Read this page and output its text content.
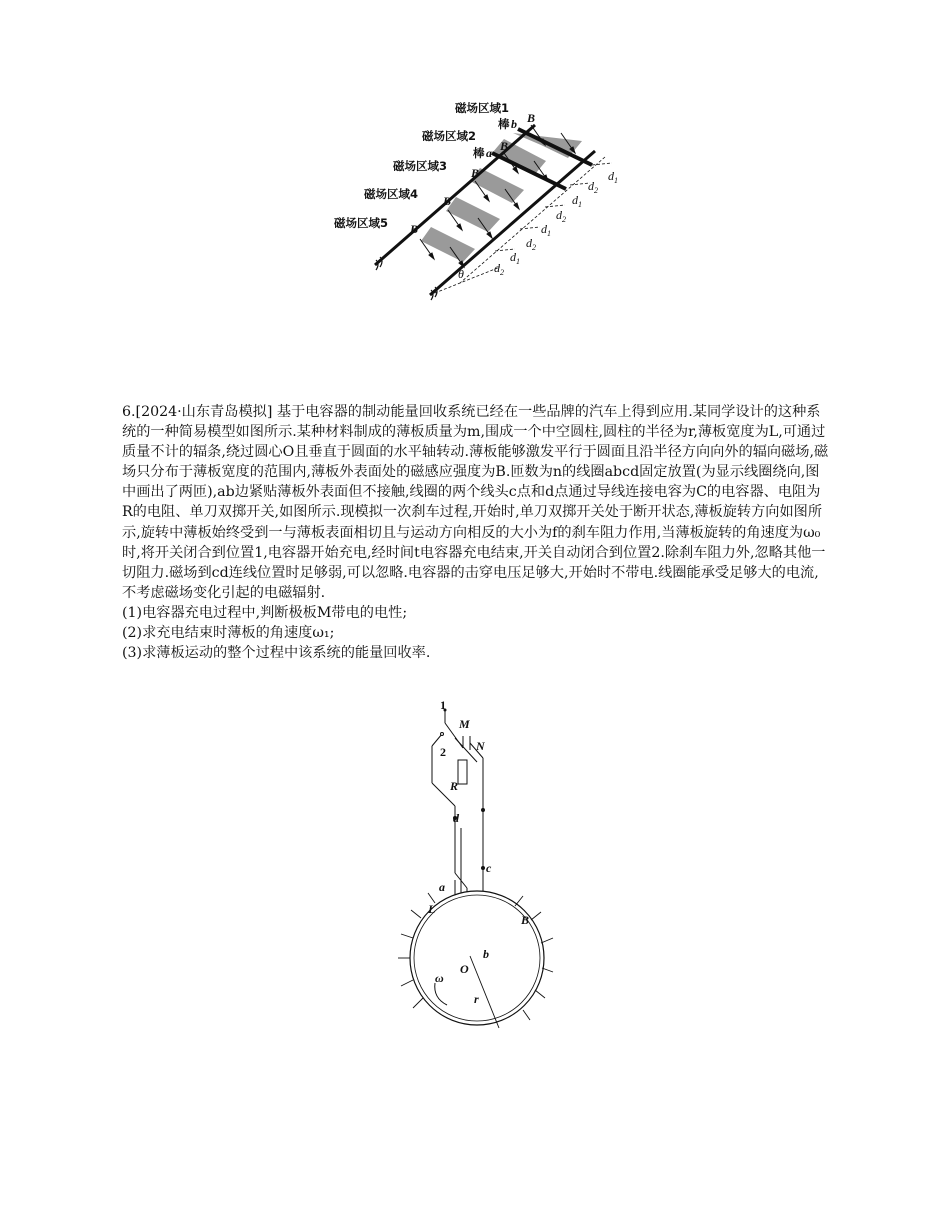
磁场区域1
磁场区域2
磁场区域3
磁场区域4
磁场区域5
棒 b
棒 a
B
B
B
B
B
θ
$d_1$
$d_2$
$d_1$
$d_2$
$d_1$
$d_2$
$d_1$
$d_2$

6.[2024·山东青岛模拟] 基于电容器的制动能量回收系统已经在一些品牌的汽车上得到应用.某同学设计的这种系统的一种简易模型如图所示.某种材料制成的薄板质量为m,围成一个中空圆柱,圆柱的半径为r,薄板宽度为L,可通过质量不计的辐条,绕过圆心O且垂直于圆面的水平轴转动.薄板能够激发平行于圆面且沿半径方向向外的辐向磁场,磁场只分布于薄板宽度的范围内,薄板外表面处的磁感应强度为B.匝数为n的线圈abcd固定放置(为显示线圈绕向,图中画出了两匝),ab边紧贴薄板外表面但不接触,线圈的两个线头c点和d点通过导线连接电容为C的电容器、电阻为R的电阻、单刀双掷开关,如图所示.现模拟一次刹车过程,开始时,单刀双掷开关处于断开状态,薄板旋转方向如图所示,旋转中薄板始终受到一与薄板表面相切且与运动方向相反的大小为f的刹车阻力作用,当薄板旋转的角速度为ω₀时,将开关闭合到位置1,电容器开始充电,经时间t电容器充电结束,开关自动闭合到位置2.除刹车阻力外,忽略其他一切阻力.磁场到cd连线位置时足够弱,可以忽略.电容器的击穿电压足够大,开始时不带电.线圈能承受足够大的电流,不考虑磁场变化引起的电磁辐射.

(1)电容器充电过程中,判断极板M带电的电性;

(2)求充电结束时薄板的角速度ω₁;

(3)求薄板运动的整个过程中该系统的能量回收率.

1
2
M
N
R
d
c
a
b
L
B
O
ω
r
